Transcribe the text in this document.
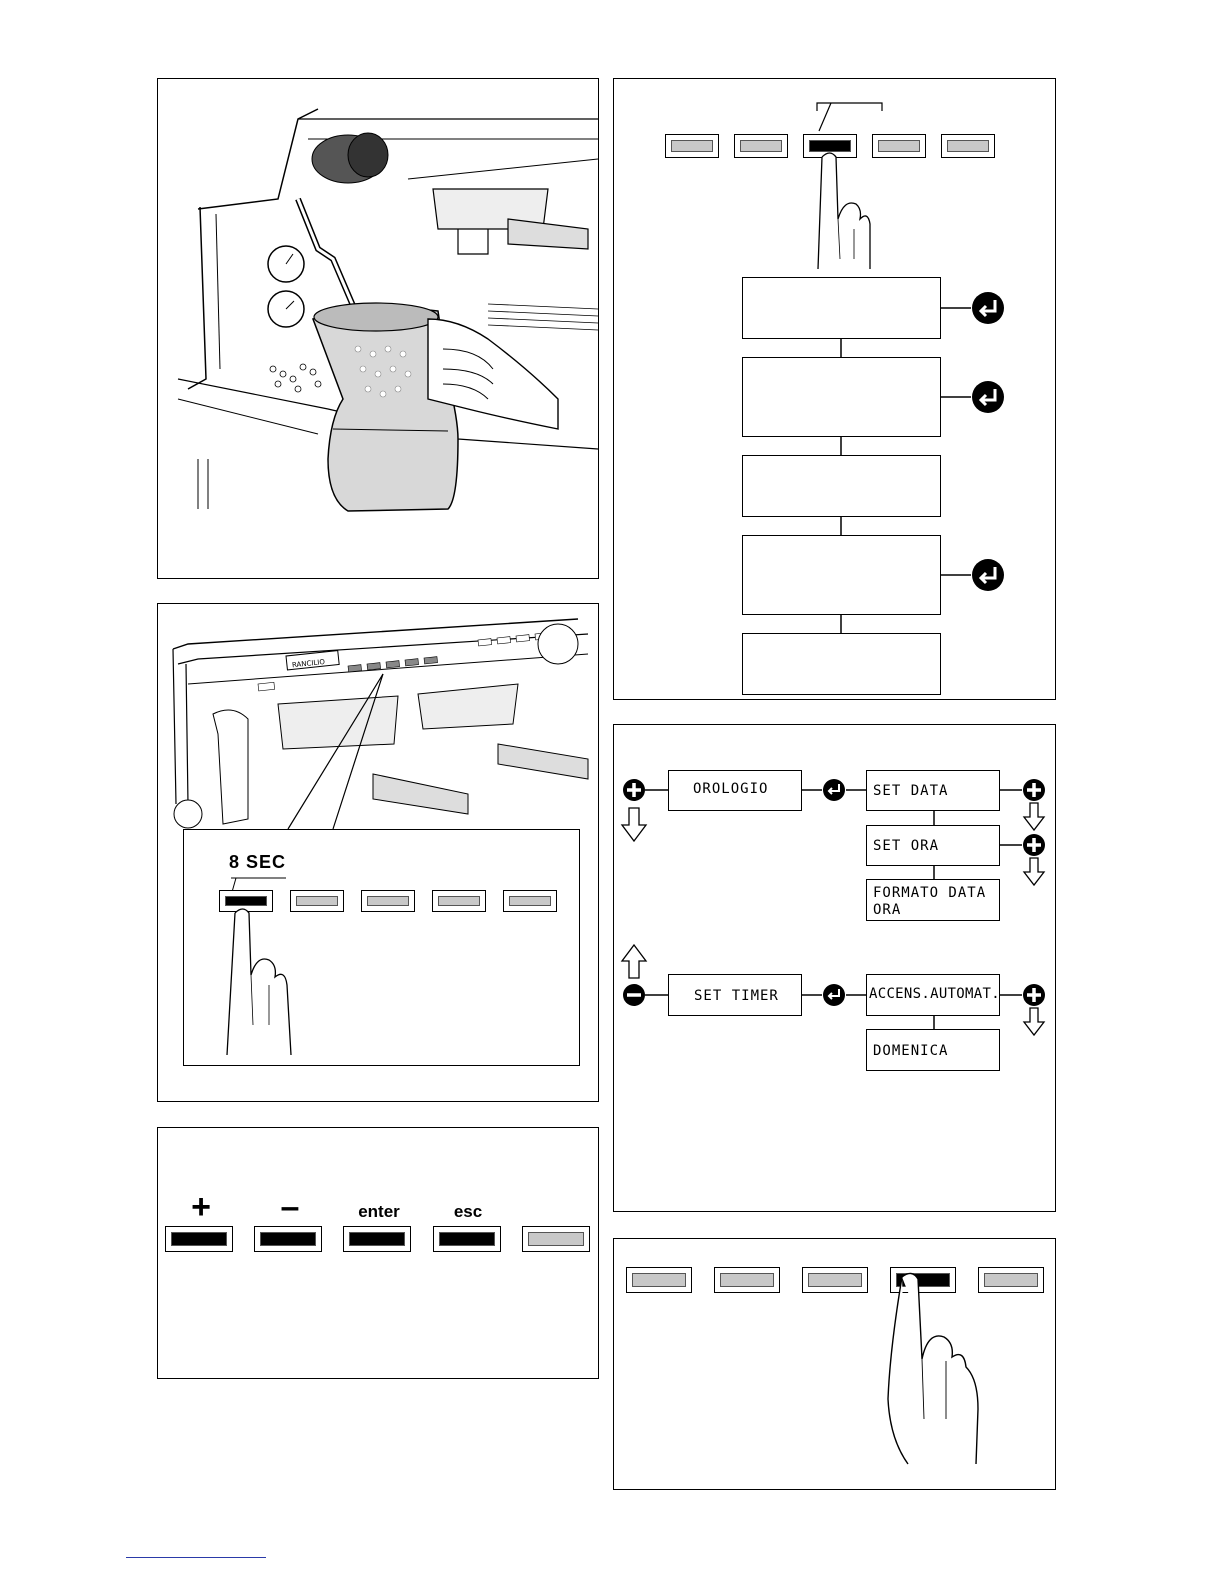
RANCILIO
8 SEC
+	–	enter	esc
OROLOGIO	SET DATA
SET ORA
FORMATO DATA ORA
SET TIMER	ACCENS.AUTOMAT.
DOMENICA
